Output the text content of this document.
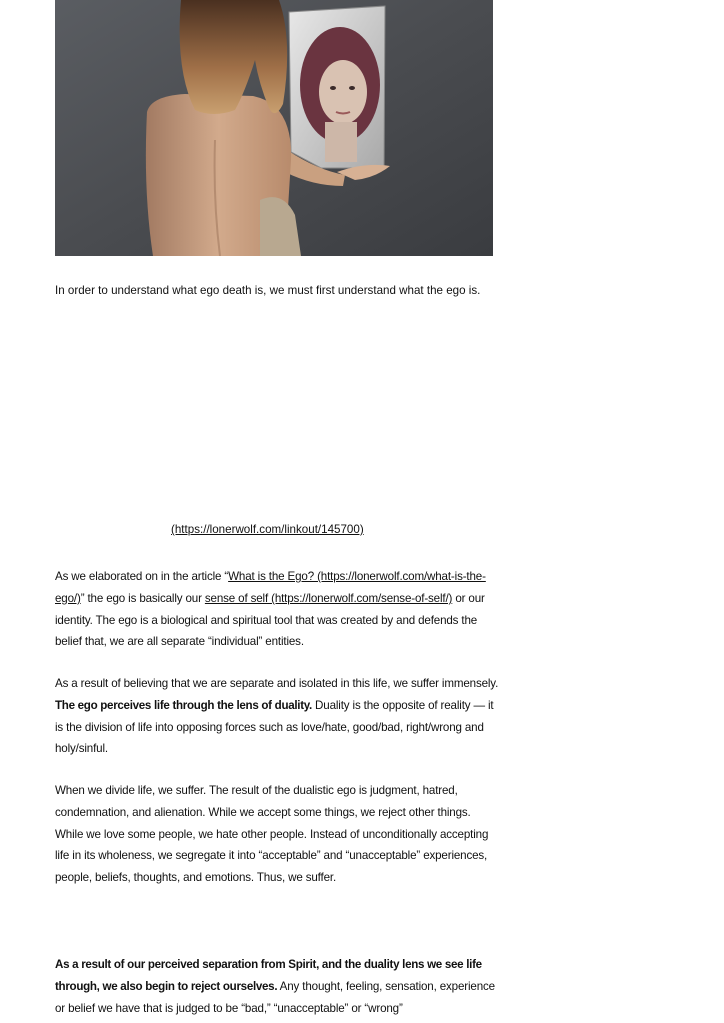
In order to understand what ego death is, we must first understand what the ego is.

(https://lonerwolf.com/linkout/145700)

As we elaborated on in the article “What is the Ego? (https://lonerwolf.com/what-is-the-ego/)” the ego is basically our sense of self (https://lonerwolf.com/sense-of-self/) or our identity. The ego is a biological and spiritual tool that was created by and defends the belief that, we are all separate “individual” entities.

As a result of believing that we are separate and isolated in this life, we suffer immensely. The ego perceives life through the lens of duality. Duality is the opposite of reality — it is the division of life into opposing forces such as love/hate, good/bad, right/wrong and holy/sinful.

When we divide life, we suffer. The result of the dualistic ego is judgment, hatred, condemnation, and alienation. While we accept some things, we reject other things. While we love some people, we hate other people. Instead of unconditionally accepting life in its wholeness, we segregate it into “acceptable” and “unacceptable” experiences, people, beliefs, thoughts, and emotions. Thus, we suffer.

As a result of our perceived separation from Spirit, and the duality lens we see life through, we also begin to reject ourselves. Any thought, feeling, sensation, experience or belief we have that is judged to be “bad,” “unacceptable” or “wrong”
